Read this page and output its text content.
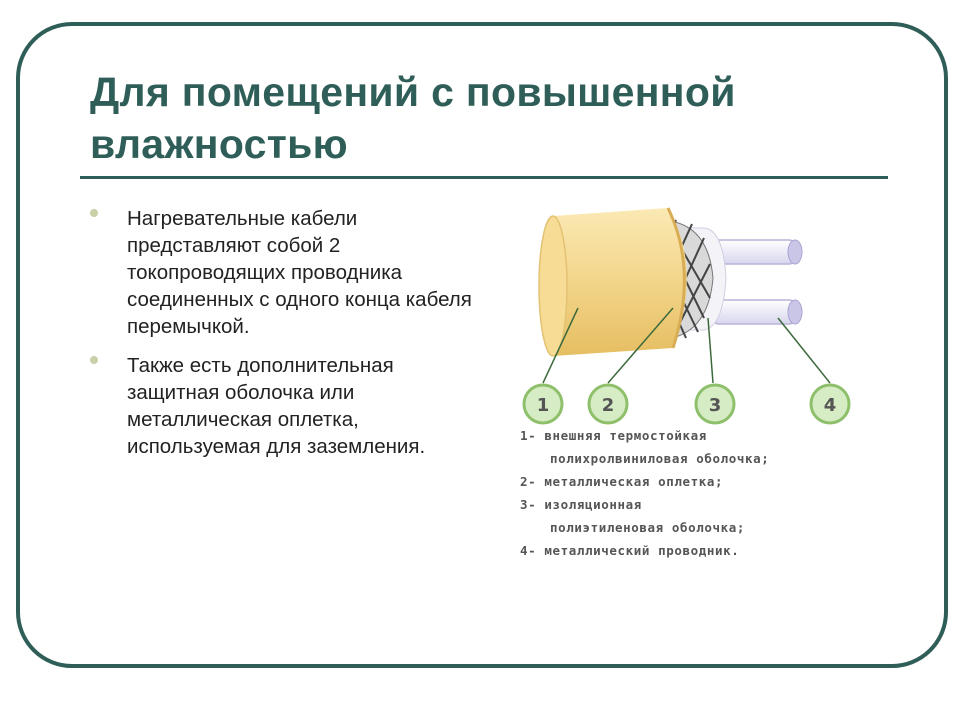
Для помещений с повышенной влажностью
Нагревательные кабели представляют собой 2 токопроводящих проводника соединенных с одного конца кабеля перемычкой.
Также есть дополнительная защитная оболочка или металлическая оплетка, используемая для заземления.
1	2	3	4
1- внешняя термостойкая
полихролвиниловая оболочка;
2- металлическая оплетка;
3- изоляционная
полиэтиленовая оболочка;
4- металлический проводник.
